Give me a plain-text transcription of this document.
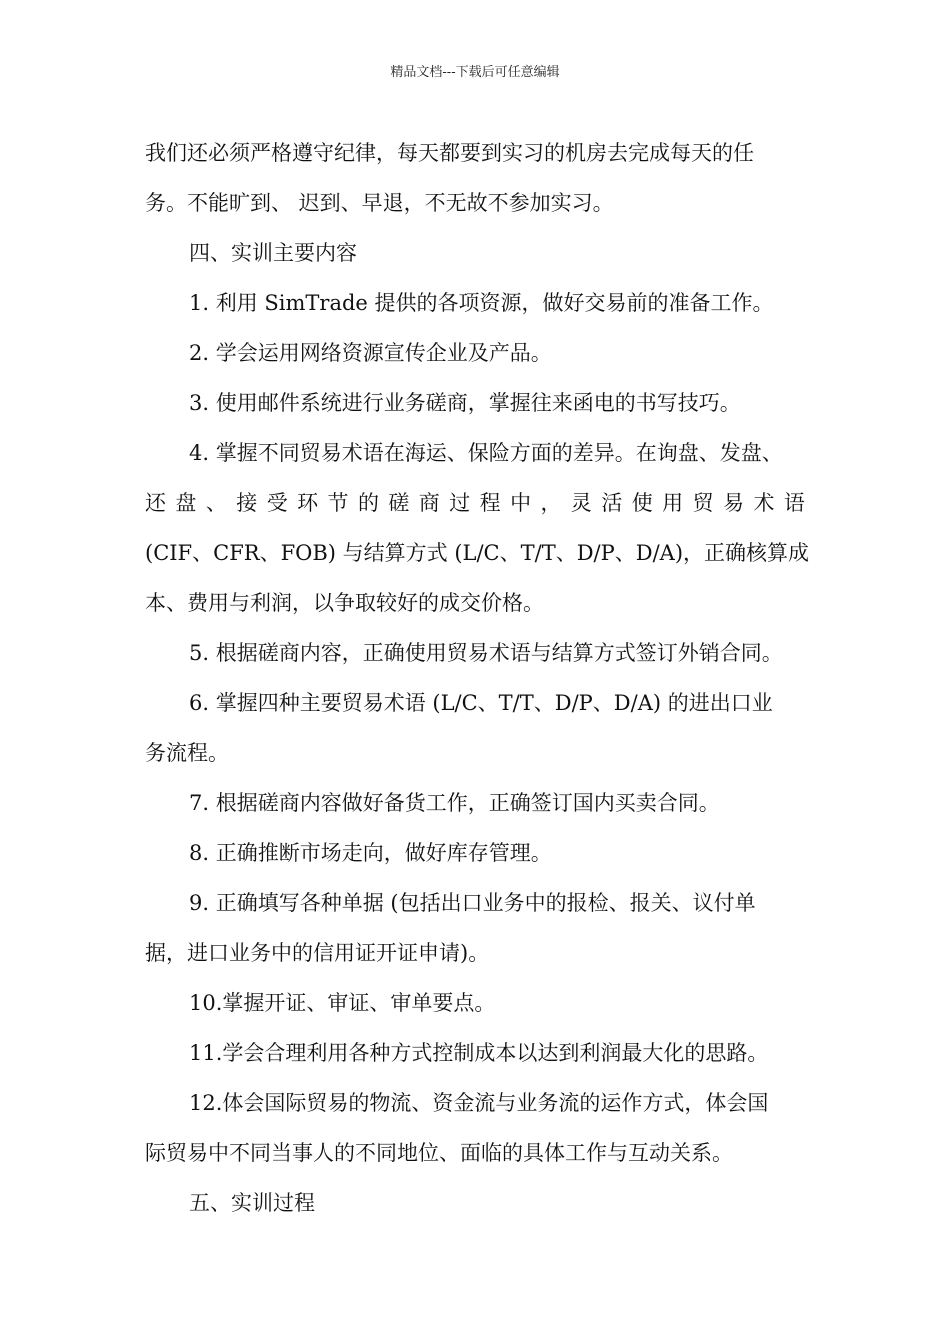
精品文档---下载后可任意编辑
我们还必须严格遵守纪律，每天都要到实习的机房去完成每天的任
务。不能旷到、 迟到、早退，不无故不参加实习。
四、实训主要内容
1. 利用 SimTrade 提供的各项资源，做好交易前的准备工作。
2. 学会运用网络资源宣传企业及产品。
3. 使用邮件系统进行业务磋商，掌握往来函电的书写技巧。
4. 掌握不同贸易术语在海运、保险方面的差异。在询盘、发盘、
还 盘 、 接 受 环 节 的 磋 商 过 程 中 ， 灵 活 使 用 贸 易 术 语
(CIF、CFR、FOB) 与结算方式 (L/C、T/T、D/P、D/A)，正确核算成
本、费用与利润，以争取较好的成交价格。
5. 根据磋商内容，正确使用贸易术语与结算方式签订外销合同。
6. 掌握四种主要贸易术语 (L/C、T/T、D/P、D/A) 的进出口业
务流程。
7. 根据磋商内容做好备货工作，正确签订国内买卖合同。
8. 正确推断市场走向，做好库存管理。
9. 正确填写各种单据 (包括出口业务中的报检、报关、议付单
据，进口业务中的信用证开证申请)。
10.掌握开证、审证、审单要点。
11.学会合理利用各种方式控制成本以达到利润最大化的思路。
12.体会国际贸易的物流、资金流与业务流的运作方式，体会国
际贸易中不同当事人的不同地位、面临的具体工作与互动关系。
五、实训过程
